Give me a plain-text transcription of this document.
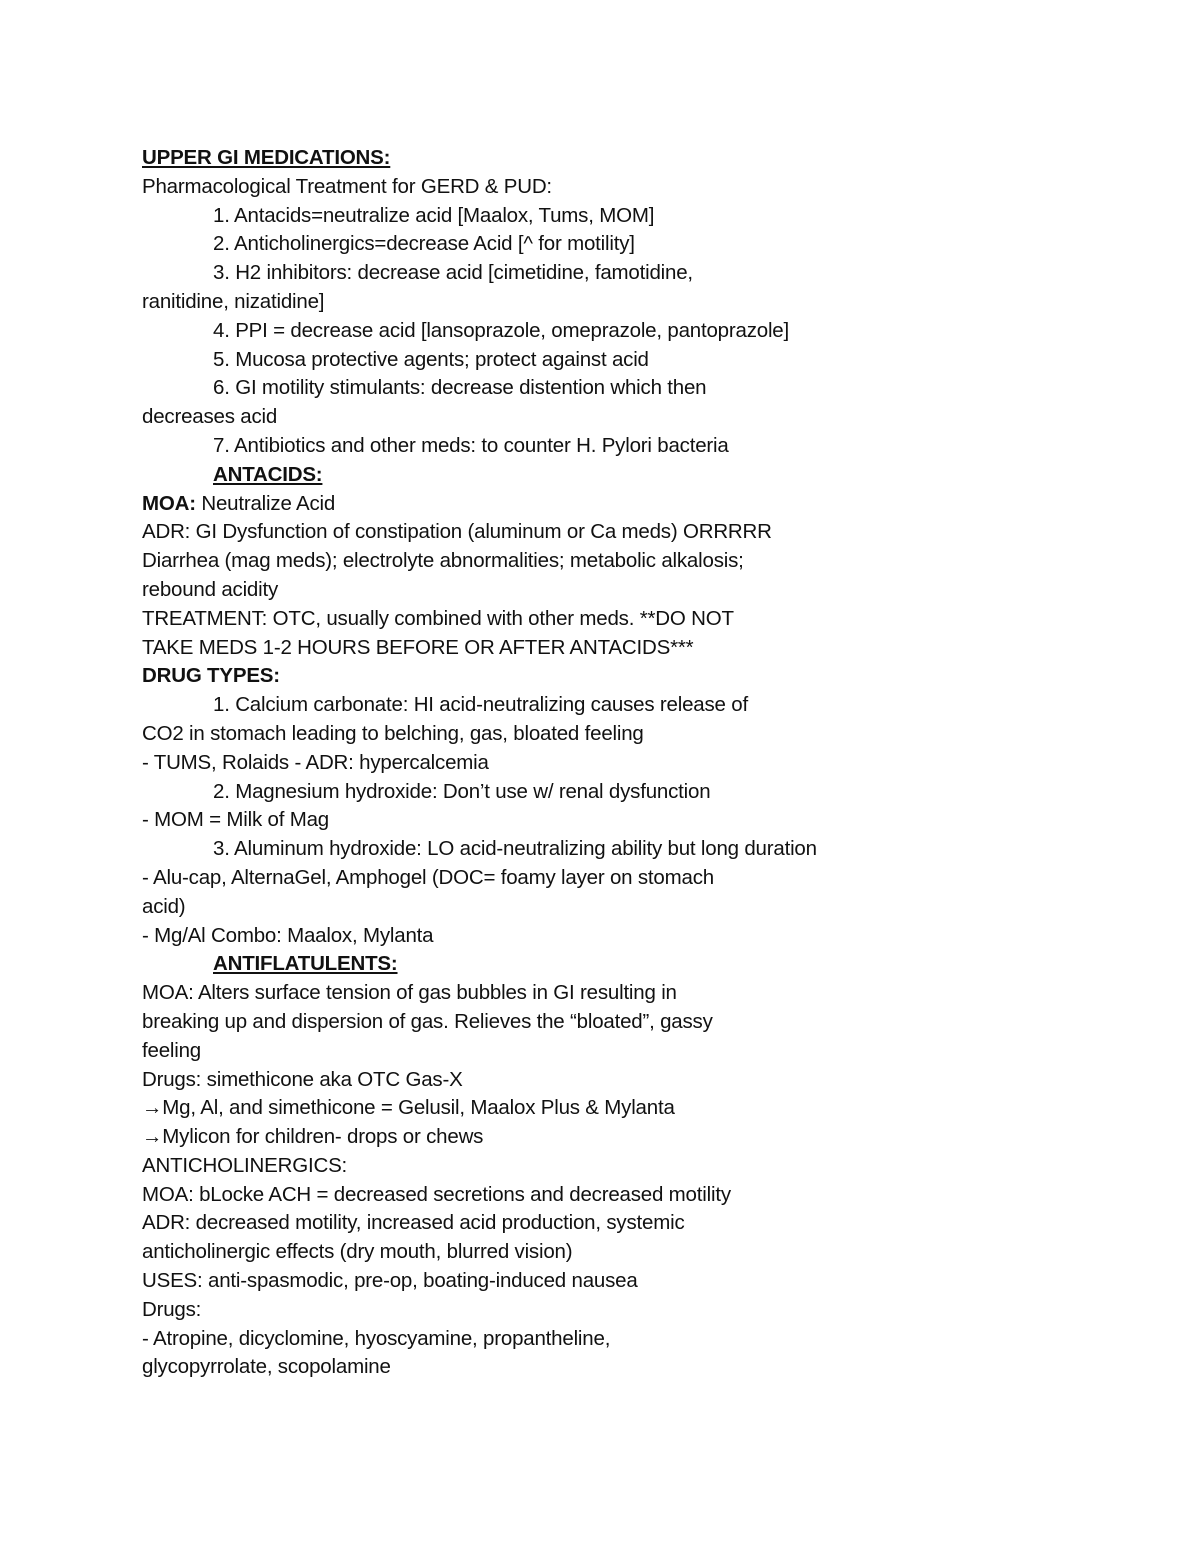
UPPER GI MEDICATIONS:
Pharmacological Treatment for GERD & PUD:
1. Antacids=neutralize acid [Maalox, Tums, MOM]
2. Anticholinergics=decrease Acid [^ for motility]
3. H2 inhibitors: decrease acid [cimetidine, famotidine,
ranitidine, nizatidine]
4. PPI = decrease acid [lansoprazole, omeprazole, pantoprazole]
5. Mucosa protective agents; protect against acid
6. GI motility stimulants: decrease distention which then
decreases acid
7. Antibiotics and other meds: to counter H. Pylori bacteria
ANTACIDS:
MOA: Neutralize Acid
ADR: GI Dysfunction of constipation (aluminum or Ca meds) ORRRRR
Diarrhea (mag meds); electrolyte abnormalities; metabolic alkalosis;
rebound acidity
TREATMENT: OTC, usually combined with other meds. **DO NOT
TAKE MEDS 1-2 HOURS BEFORE OR AFTER ANTACIDS***
DRUG TYPES:
1. Calcium carbonate: HI acid-neutralizing causes release of
CO2 in stomach leading to belching, gas, bloated feeling
- TUMS, Rolaids - ADR: hypercalcemia
2. Magnesium hydroxide: Don’t use w/ renal dysfunction
- MOM = Milk of Mag
3. Aluminum hydroxide: LO acid-neutralizing ability but long duration
- Alu-cap, AlternaGel, Amphogel (DOC= foamy layer on stomach
acid)
- Mg/Al Combo: Maalox, Mylanta
ANTIFLATULENTS:
MOA: Alters surface tension of gas bubbles in GI resulting in
breaking up and dispersion of gas. Relieves the “bloated”, gassy
feeling
Drugs: simethicone aka OTC Gas-X
→Mg, Al, and simethicone = Gelusil, Maalox Plus & Mylanta
→Mylicon for children- drops or chews
ANTICHOLINERGICS:
MOA: bLocke ACH = decreased secretions and decreased motility
ADR: decreased motility, increased acid production, systemic
anticholinergic effects (dry mouth, blurred vision)
USES: anti-spasmodic, pre-op, boating-induced nausea
Drugs:
- Atropine, dicyclomine, hyoscyamine, propantheline,
glycopyrrolate, scopolamine
